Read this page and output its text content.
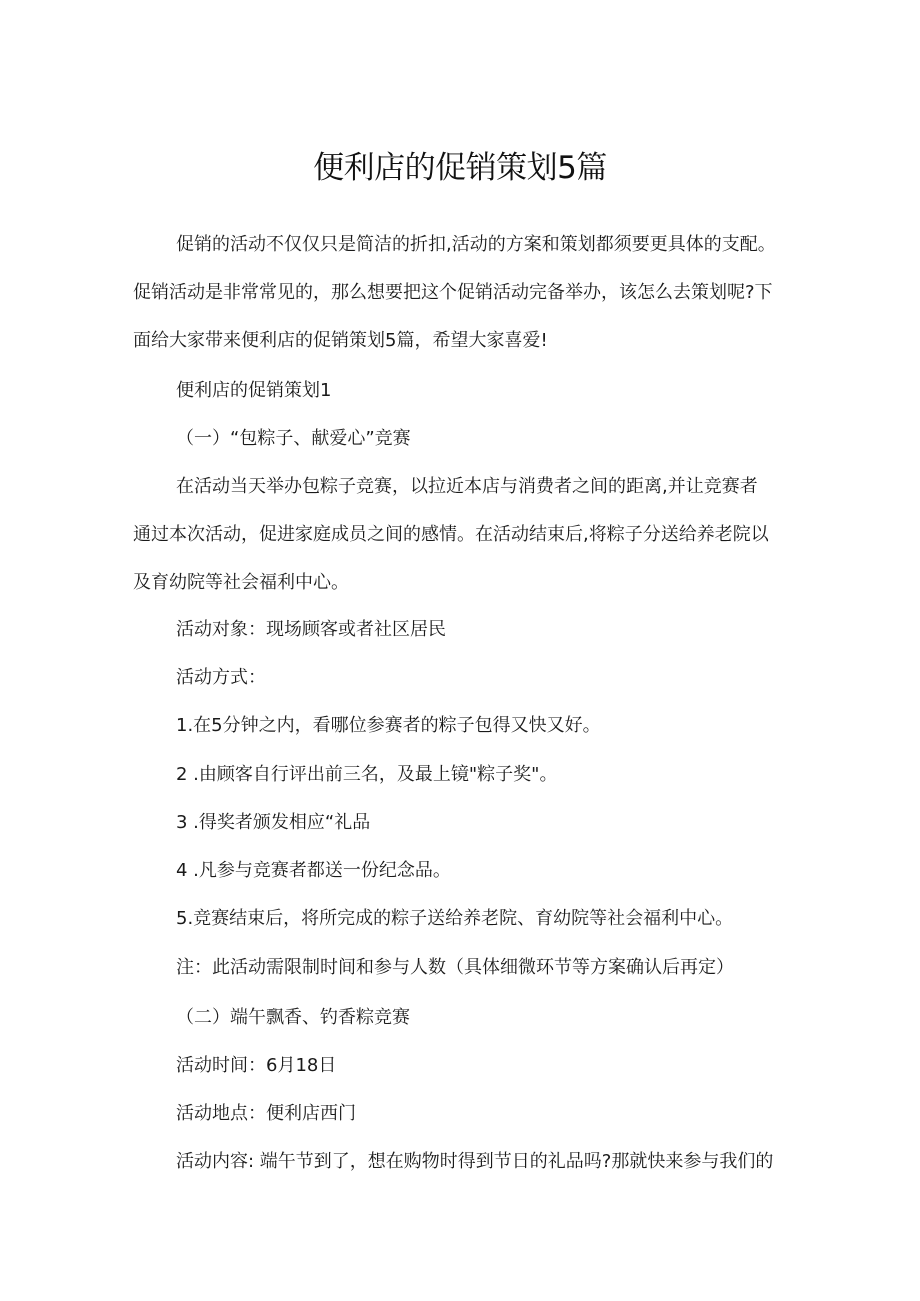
便利店的促销策划5篇
促销的活动不仅仅只是简洁的折扣,活动的方案和策划都须要更具体的支配。
促销活动是非常常见的，那么想要把这个促销活动完备举办，该怎么去策划呢?下
面给大家带来便利店的促销策划5篇，希望大家喜爱!
便利店的促销策划1
（一）“包粽子、献爱心”竞赛
在活动当天举办包粽子竞赛，以拉近本店与消费者之间的距离,并让竞赛者
通过本次活动，促进家庭成员之间的感情。在活动结束后,将粽子分送给养老院以
及育幼院等社会福利中心。
活动对象：现场顾客或者社区居民
活动方式：
1.在5分钟之内，看哪位参赛者的粽子包得又快又好。
2 .由顾客自行评出前三名，及最上镜"粽子奖"。
3 .得奖者颁发相应“礼品
4 .凡参与竞赛者都送一份纪念品。
5.竞赛结束后，将所完成的粽子送给养老院、育幼院等社会福利中心。
注：此活动需限制时间和参与人数（具体细微环节等方案确认后再定）
（二）端午飘香、钓香粽竞赛
活动时间：6月18日
活动地点：便利店西门
活动内容: 端午节到了，想在购物时得到节日的礼品吗?那就快来参与我们的
